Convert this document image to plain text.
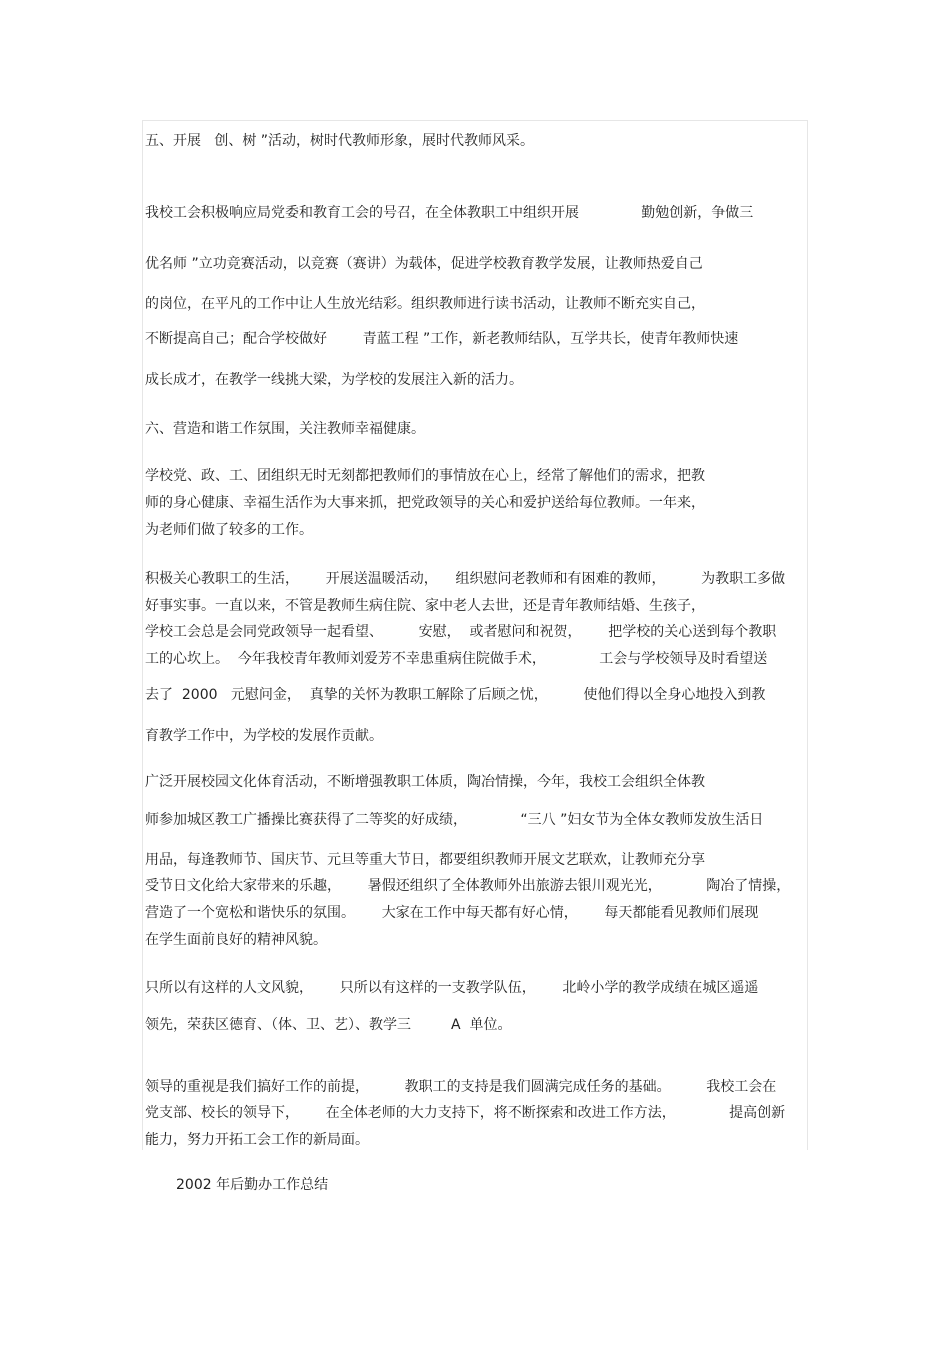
五、开展   创、树 ”活动，树时代教师形象，展时代教师风采。
我校工会积极响应局党委和教育工会的号召，在全体教职工中组织开展              勤勉创新，争做三
优名师 ”立功竞赛活动，以竞赛（赛讲）为载体，促进学校教育教学发展，让教师热爱自己
的岗位，在平凡的工作中让人生放光结彩。组织教师进行读书活动，让教师不断充实自己，
不断提高自己；配合学校做好        青蓝工程 ”工作，新老教师结队，互学共长，使青年教师快速
成长成才，在教学一线挑大梁，为学校的发展注入新的活力。
六、营造和谐工作氛围，关注教师幸福健康。
学校党、政、工、团组织无时无刻都把教师们的事情放在心上，经常了解他们的需求，把教
师的身心健康、幸福生活作为大事来抓，把党政领导的关心和爱护送给每位教师。一年来，
为老师们做了较多的工作。
积极关心教职工的生活，      开展送温暖活动，    组织慰问老教师和有困难的教师，        为教职工多做
好事实事。一直以来，不管是教师生病住院、家中老人去世，还是青年教师结婚、生孩子，
学校工会总是会同党政领导一起看望、        安慰，  或者慰问和祝贺，      把学校的关心送到每个教职
工的心坎上。  今年我校青年教师刘爱芳不幸患重病住院做手术，            工会与学校领导及时看望送
去了  2000   元慰问金，  真挚的关怀为教职工解除了后顾之忧，        使他们得以全身心地投入到教
育教学工作中，为学校的发展作贡献。
广泛开展校园文化体育活动，不断增强教职工体质，陶冶情操，今年，我校工会组织全体教
师参加城区教工广播操比赛获得了二等奖的好成绩，            “三八 ”妇女节为全体女教师发放生活日
用品，每逢教师节、国庆节、元旦等重大节日，都要组织教师开展文艺联欢，让教师充分享
受节日文化给大家带来的乐趣，      暑假还组织了全体教师外出旅游去银川观光光，          陶冶了情操，
营造了一个宽松和谐快乐的氛围。      大家在工作中每天都有好心情，      每天都能看见教师们展现
在学生面前良好的精神风貌。
只所以有这样的人文风貌，      只所以有这样的一支教学队伍，      北岭小学的教学成绩在城区遥遥
领先，荣获区德育、（体、卫、艺）、教学三         A  单位。
领导的重视是我们搞好工作的前提，        教职工的支持是我们圆满完成任务的基础。        我校工会在
党支部、校长的领导下，      在全体老师的大力支持下，将不断探索和改进工作方法，            提高创新
能力，努力开拓工会工作的新局面。
2002 年后勤办工作总结
